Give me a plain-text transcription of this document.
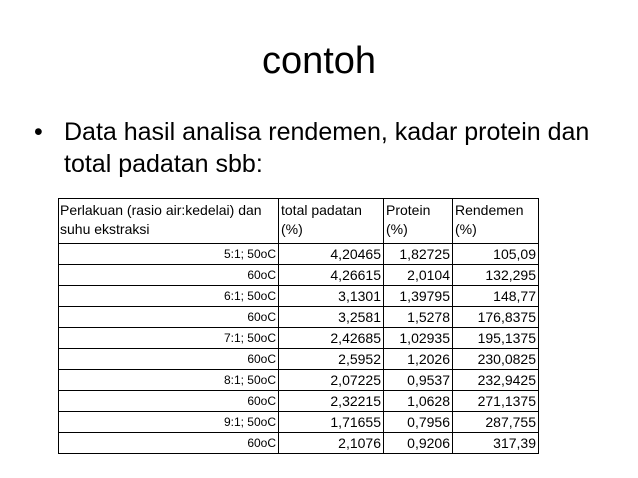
contoh
• Data hasil analisa rendemen, kadar protein dan total padatan sbb:
Perlakuan (rasio air:kedelai) dan suhu ekstraksi	total padatan (%)	Protein (%)	Rendemen (%)
5:1; 50oC	4,20465	1,82725	105,09
60oC	4,26615	2,0104	132,295
6:1; 50oC	3,1301	1,39795	148,77
60oC	3,2581	1,5278	176,8375
7:1; 50oC	2,42685	1,02935	195,1375
60oC	2,5952	1,2026	230,0825
8:1; 50oC	2,07225	0,9537	232,9425
60oC	2,32215	1,0628	271,1375
9:1; 50oC	1,71655	0,7956	287,755
60oC	2,1076	0,9206	317,39
